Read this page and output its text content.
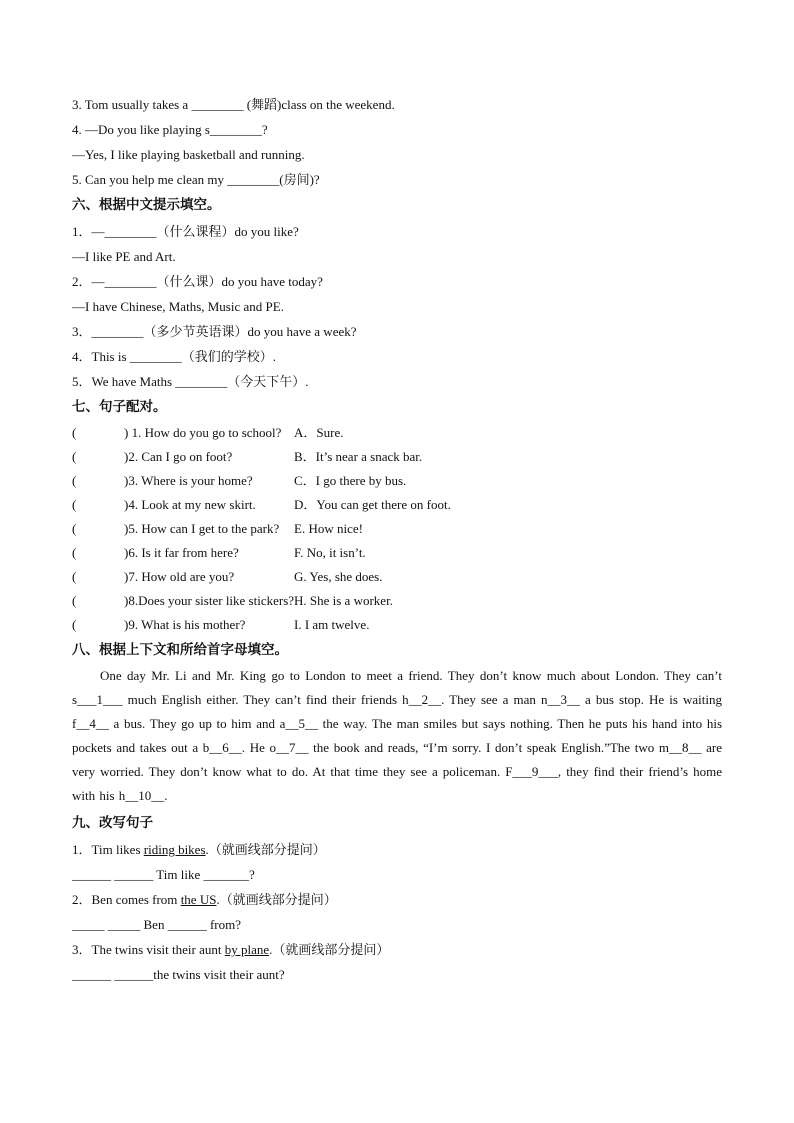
3. Tom usually takes a ________ (舞蹈)class on the weekend.
4. —Do you like playing s________?
—Yes, I like playing basketball and running.
5. Can you help me clean my ________(房间)?
六、根据中文提示填空。
1．—________（什么课程）do you like?
—I like PE and Art.
2．—________（什么课）do you have today?
—I have Chinese, Maths, Music and PE.
3．________（多少节英语课）do you have a week?
4．This is ________（我们的学校）.
5．We have Maths ________（今天下午）.
七、句子配对。
(	) 1. How do you go to school? A．Sure.
(	)2. Can I go on foot?	B．It’s near a snack bar.
(	)3. Where is your home?	C．I go there by bus.
(	)4. Look at my new skirt.	D．You can get there on foot.
(	)5. How can I get to the park?	E. How nice!
(	)6. Is it far from here?	F. No, it isn’t.
(	)7. How old are you?	G. Yes, she does.
(	)8.Does your sister like stickers? H. She is a worker.
(	)9. What is his mother?	I. I am twelve.
八、根据上下文和所给首字母填空。
One day Mr. Li and Mr. King go to London to meet a friend. They don’t know much about London. They can’t s___1___ much English either. They can’t find their friends h__2__. They see a man n__3__ a bus stop. He is waiting f__4__ a bus. They go up to him and a__5__ the way. The man smiles but says nothing. Then he puts his hand into his pockets and takes out a b__6__. He o__7__ the book and reads, “I’m sorry. I don’t speak English.”The two m__8__ are very worried. They don’t know what to do. At that time they see a policeman. F___9___, they find their friend’s home with his h__10__.
九、改写句子
1．Tim likes riding bikes.（就画线部分提问）
______ ______ Tim like _______?
2．Ben comes from the US.（就画线部分提问）
_____ _____ Ben ______ from?
3．The twins visit their aunt by plane.（就画线部分提问）
______ ______the twins visit their aunt?
